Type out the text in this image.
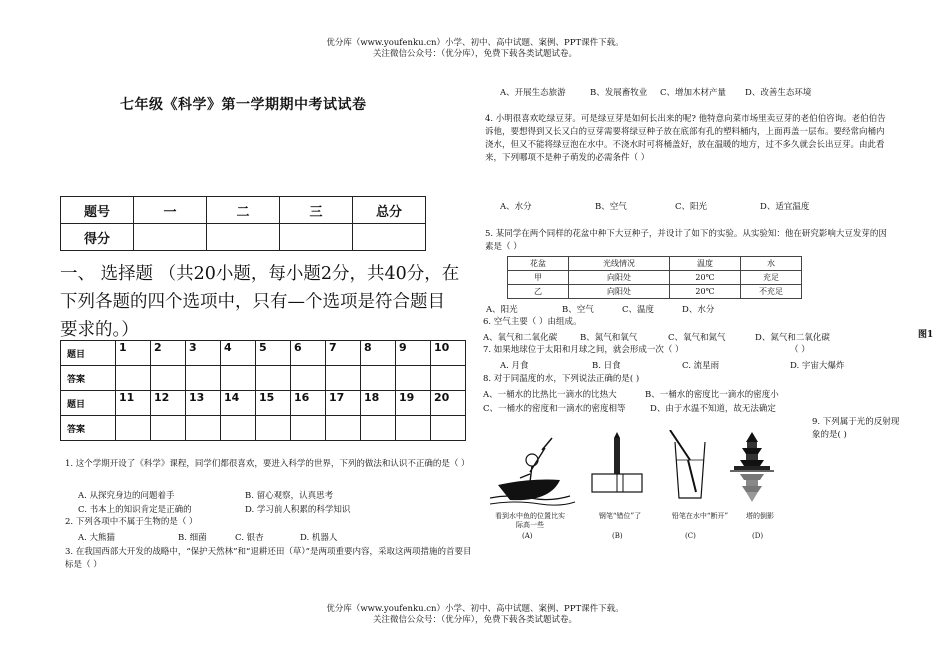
优分库（www.youfenku.cn）小学、初中、高中试题、案例、PPT课件下载。
关注微信公众号：（优分库），免费下载各类试题试卷。
七年级《科学》第一学期期中考试试卷
题号	一	二	三	总分
得分				
一、 选择题 （共20小题，每小题2分，共40分，在下列各题的四个选项中，只有—个选项是符合题目要求的。）
题目	1	2	3	4	5	6	7	8	9	10
答案										
题目	11	12	13	14	15	16	17	18	19	20
答案										
1. 这个学期开设了《科学》课程，同学们都很喜欢，要进入科学的世界，下列的做法和认识不正确的是（ ）
A. 从探究身边的问题着手	B. 留心观察，认真思考
C. 书本上的知识肯定是正确的	D. 学习前人积累的科学知识
2. 下列各项中不属于生物的是（ ）
A. 大熊猫	B. 细菌	C. 银杏	D. 机器人
3. 在我国西部大开发的战略中，“保护天然林”和“退耕还田（草）”是两项重要内容，采取这两项措施的首要目标是（ ）
A、开展生态旅游	B、发展畜牧业 C、增加木材产量 D、改善生态环境
4. 小明很喜欢吃绿豆芽。可是绿豆芽是如何长出来的呢? 他特意向菜市场里卖豆芽的老伯伯咨询。老伯伯告诉他，要想得到又长又白的豆芽需要将绿豆种子放在底部有孔的塑料桶内，上面再盖一层布。要经常向桶内浇水，但又不能将绿豆泡在水中。不浇水时可将桶盖好，放在温暖的地方，过不多久就会长出豆芽。由此看来，下列哪项不是种子萌发的必需条件（ ）
A、水分	B、空气	C、阳光	D、适宜温度
5. 某同学在两个同样的花盆中种下大豆种子，并设计了如下的实验。从实验知：他在研究影响大豆发芽的因素是（ ）
花盆	光线情况	温度	水
甲	向阳处	20℃	充足
乙	向阳处	20℃	不充足
A、阳光	B、空气	C、温度	D、水分
6. 空气主要（ ）由组成。
A、氧气和二氧化碳	B、氮气和氧气	C、氧气和氮气	D、氮气和二氧化碳
7. 如果地球位于太阳和月球之间，就会形成一次（ ）	（ ）
A. 月食	B. 日食	C. 流星雨	D. 宇宙大爆炸
8. 对于同温度的水，下列说法正确的是( )
A、一桶水的比热比一滴水的比热大	B、一桶水的密度比一滴水的密度小
C、一桶水的密度和一滴水的密度相等	D、由于水温不知道，故无法确定
9. 下列属于光的反射现象的是( )
图1
看到水中鱼的位置比实际高一些
钢笔“错位”了	铅笔在水中“断开”	塔的倒影
(A)	(B)	(C)	(D)
优分库（www.youfenku.cn）小学、初中、高中试题、案例、PPT课件下载。
关注微信公众号：（优分库），免费下载各类试题试卷。
